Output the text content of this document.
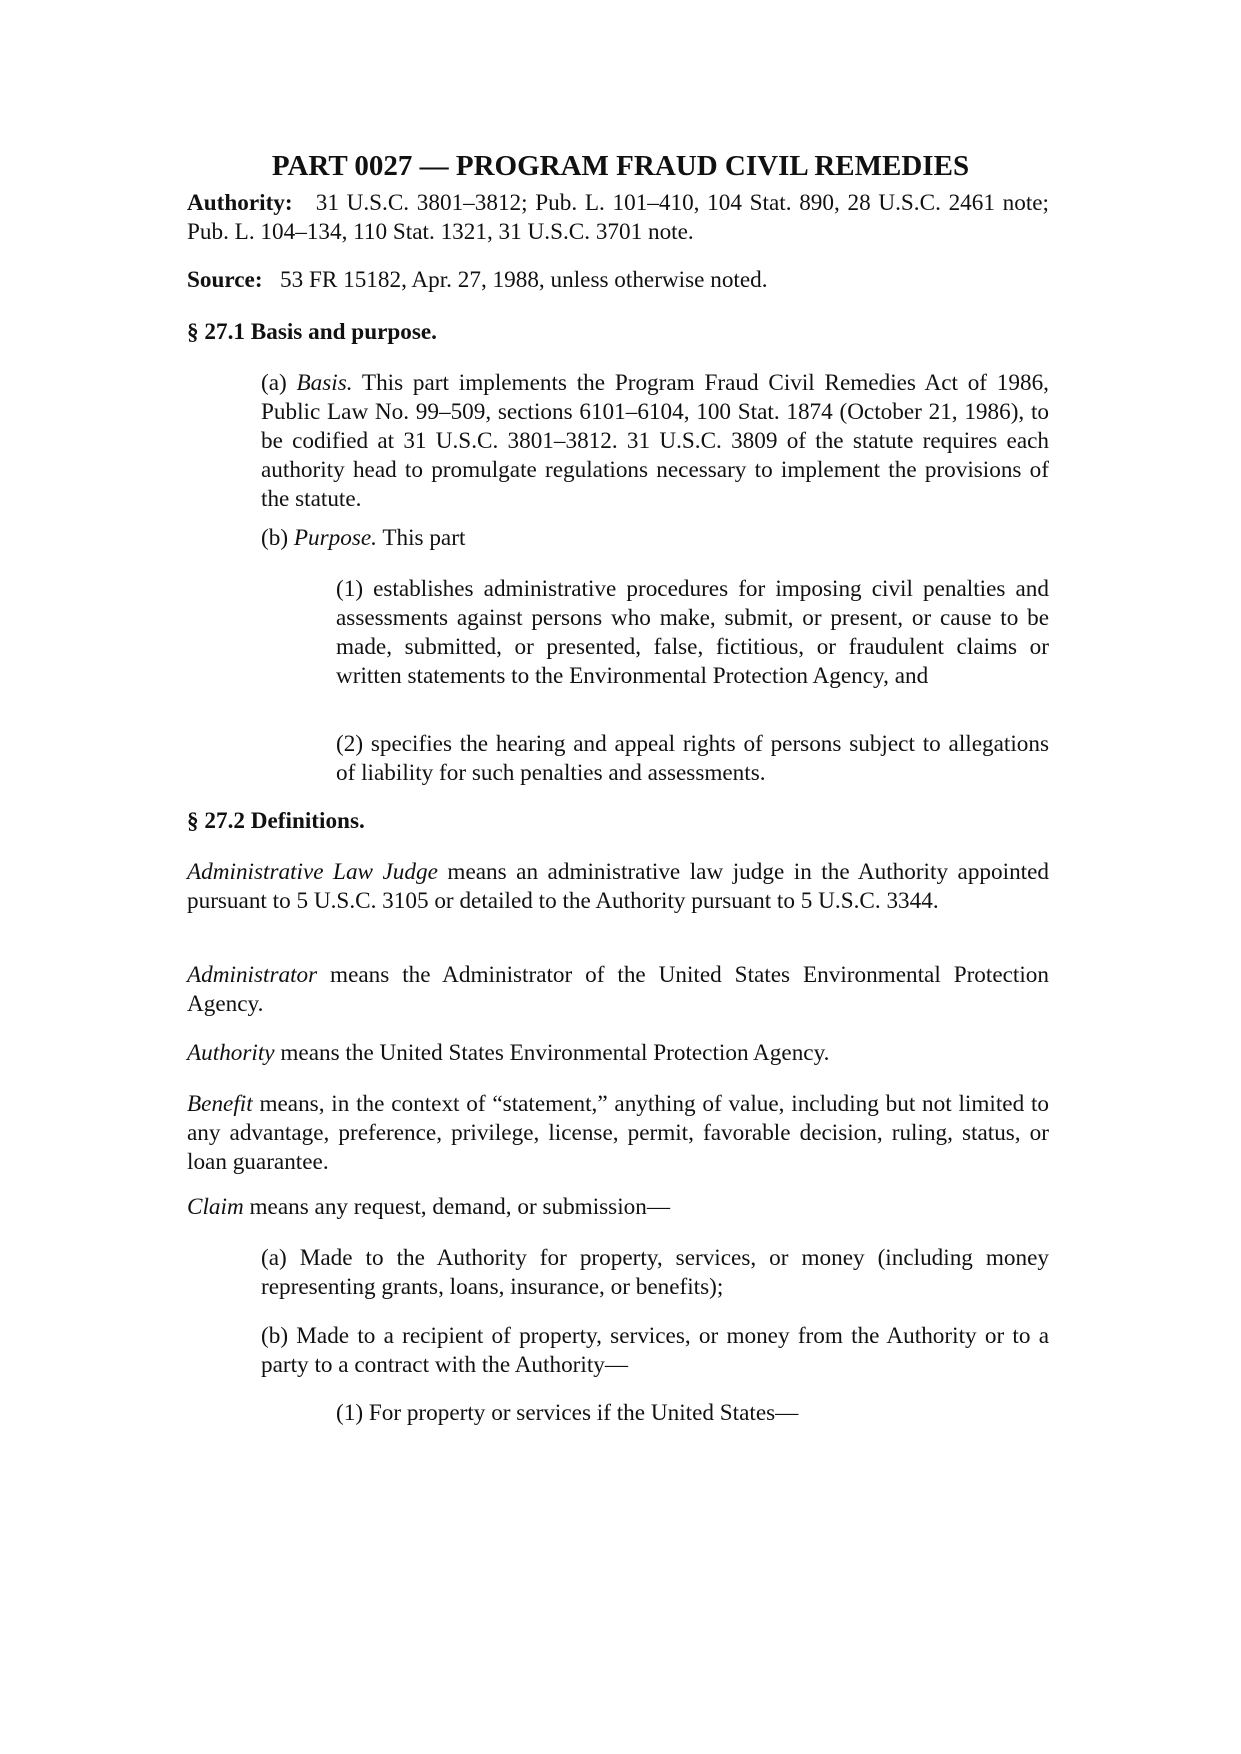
PART 0027 — PROGRAM FRAUD CIVIL REMEDIES

Authority: 31 U.S.C. 3801–3812; Pub. L. 101–410, 104 Stat. 890, 28 U.S.C. 2461 note; Pub. L. 104–134, 110 Stat. 1321, 31 U.S.C. 3701 note.

Source: 53 FR 15182, Apr. 27, 1988, unless otherwise noted.

§ 27.1 Basis and purpose.

(a) Basis. This part implements the Program Fraud Civil Remedies Act of 1986, Public Law No. 99–509, sections 6101–6104, 100 Stat. 1874 (October 21, 1986), to be codified at 31 U.S.C. 3801–3812. 31 U.S.C. 3809 of the statute requires each authority head to promulgate regulations necessary to implement the provisions of the statute.

(b) Purpose. This part

(1) establishes administrative procedures for imposing civil penalties and assessments against persons who make, submit, or present, or cause to be made, submitted, or presented, false, fictitious, or fraudulent claims or written statements to the Environmental Protection Agency, and

(2) specifies the hearing and appeal rights of persons subject to allegations of liability for such penalties and assessments.

§ 27.2 Definitions.

Administrative Law Judge means an administrative law judge in the Authority appointed pursuant to 5 U.S.C. 3105 or detailed to the Authority pursuant to 5 U.S.C. 3344.

Administrator means the Administrator of the United States Environmental Protection Agency.

Authority means the United States Environmental Protection Agency.

Benefit means, in the context of “statement,” anything of value, including but not limited to any advantage, preference, privilege, license, permit, favorable decision, ruling, status, or loan guarantee.

Claim means any request, demand, or submission—

(a) Made to the Authority for property, services, or money (including money representing grants, loans, insurance, or benefits);

(b) Made to a recipient of property, services, or money from the Authority or to a party to a contract with the Authority—

(1) For property or services if the United States—
